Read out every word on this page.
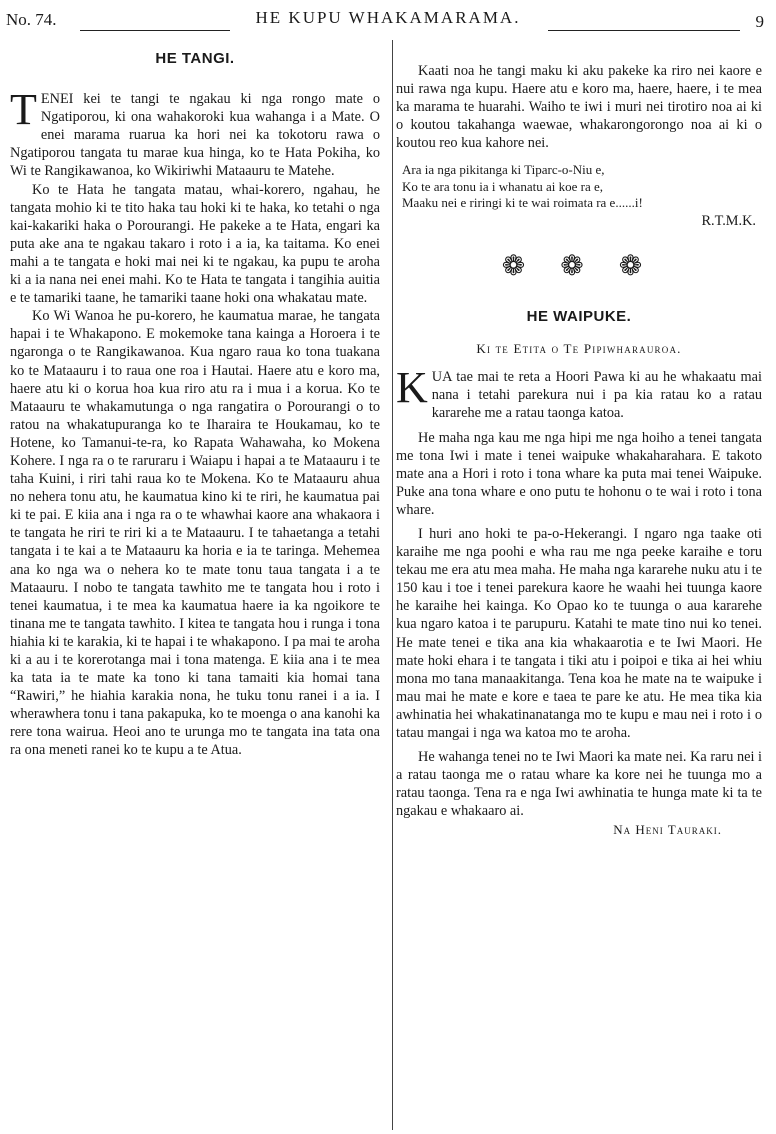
No. 74.	HE KUPU WHAKAMARAMA.	9
HE TANGI.

TENEI kei te tangi te ngakau ki nga rongo mate o Ngatiporou, ki ona wahakoroki kua wahanga i a Mate. O enei marama ruarua ka hori nei ka tokotoru rawa o Ngatiporou tangata tu marae kua hinga, ko te Hata Pokiha, ko Wi te Rangikawanoa, ko Wikiriwhi Mataauru te Matehe.

Ko te Hata he tangata matau, whai-korero, ngahau, he tangata mohio ki te tito haka tau hoki ki te haka, ko tetahi o nga kai-kakariki haka o Porourangi. He pakeke a te Hata, engari ka puta ake ana te ngakau takaro i roto i a ia, ka taitama. Ko enei mahi a te tangata e hoki mai nei ki te ngakau, ka pupu te aroha ki a ia nana nei enei mahi. Ko te Hata te tangata i tangihia auitia e te tamariki taane, he tamariki taane hoki ona whakatau mate.

Ko Wi Wanoa he pu-korero, he kaumatua marae, he tangata hapai i te Whakapono. E mokemoke tana kainga a Horoera i te ngaronga o te Rangikawanoa. Kua ngaro raua ko tona tuakana ko te Mataauru i to raua one roa i Hautai. Haere atu e koro ma, haere atu ki o korua hoa kua riro atu ra i mua i a korua. Ko te Mataauru te whakamutunga o nga rangatira o Porourangi o to ratou na whakatupuranga ko te Iharaira te Houkamau, ko te Hotene, ko Tamanui-te-ra, ko Rapata Wahawaha, ko Mokena Kohere. I nga ra o te raruraru i Waiapu i hapai a te Mataauru i te taha Kuini, i riri tahi raua ko te Mokena. Ko te Mataauru ahua no nehera tonu atu, he kaumatua kino ki te riri, he kaumatua pai ki te pai. E kiia ana i nga ra o te whawhai kaore ana whakaora i te tangata he riri te riri ki a te Mataauru. I te tahaetanga a tetahi tangata i te kai a te Mataauru ka horia e ia te taringa. Mehemea ana ko nga wa o nehera ko te mate tonu taua tangata i a te Mataauru. I nobo te tangata tawhito me te tangata hou i roto i tenei kaumatua, i te mea ka kaumatua haere ia ka ngoikore te tinana me te tangata tawhito. I kitea te tangata hou i runga i tona hiahia ki te karakia, ki te hapai i te whakapono. I pa mai te aroha ki a au i te korerotanga mai i tona matenga. E kiia ana i te mea ka tata ia te mate ka tono ki tana tamaiti kia homai tana “Rawiri,” he hiahia karakia nona, he tuku tonu ranei i a ia. I wherawhera tonu i tana pakapuka, ko te moenga o ana kanohi ka rere tona wairua. Heoi ano te urunga mo te tangata ina tata ona ra ona meneti ranei ko te kupu a te Atua.

Kaati noa he tangi maku ki aku pakeke ka riro nei kaore e nui rawa nga kupu. Haere atu e koro ma, haere, haere, i te mea ka marama te huarahi. Waiho te iwi i muri nei tirotiro noa ai ki o koutou takahanga waewae, whakarongorongo noa ai ki o koutou reo kua kahore nei.

Ara ia nga pikitanga ki Tiparc-o-Niu e,
Ko te ara tonu ia i whanatu ai koe ra e,
Maaku nei e riringi ki te wai roimata ra e......i!
R.T.M.K.
❁ ❁ ❁
HE WAIPUKE.
Ki te Etita o Te Pipiwharauroa.

KUA tae mai te reta a Hoori Pawa ki au he whakaatu mai nana i tetahi parekura nui i pa kia ratau ko a ratau kararehe me a ratau taonga katoa.

He maha nga kau me nga hipi me nga hoiho a tenei tangata me tona Iwi i mate i tenei waipuke whakaharahara. E takoto mate ana a Hori i roto i tona whare ka puta mai tenei Waipuke. Puke ana tona whare e ono putu te hohonu o te wai i roto i tona whare.

I huri ano hoki te pa-o-Hekerangi. I ngaro nga taake oti karaihe me nga poohi e wha rau me nga peeke karaihe e toru tekau me era atu mea maha. He maha nga kararehe nuku atu i te 150 kau i toe i tenei parekura kaore he waahi hei tuunga kaore he karaihe hei kainga. Ko Opao ko te tuunga o aua kararehe kua ngaro katoa i te parupuru. Katahi te mate tino nui ko tenei. He mate tenei e tika ana kia whakaarotia e te Iwi Maori. He mate hoki ehara i te tangata i tiki atu i poipoi e tika ai hei whiu mona mo tana manaakitanga. Tena koa he mate na te waipuke i mau mai he mate e kore e taea te pare ke atu. He mea tika kia awhinatia hei whakatinanatanga mo te kupu e mau nei i roto i o tatau mangai i nga wa katoa mo te aroha.

He wahanga tenei no te Iwi Maori ka mate nei. Ka raru nei i a ratau taonga me o ratau whare ka kore nei he tuunga mo a ratau taonga. Tena ra e nga Iwi awhinatia te hunga mate ki ta te ngakau e whakaaro ai.

Na Heni Tauraki.
